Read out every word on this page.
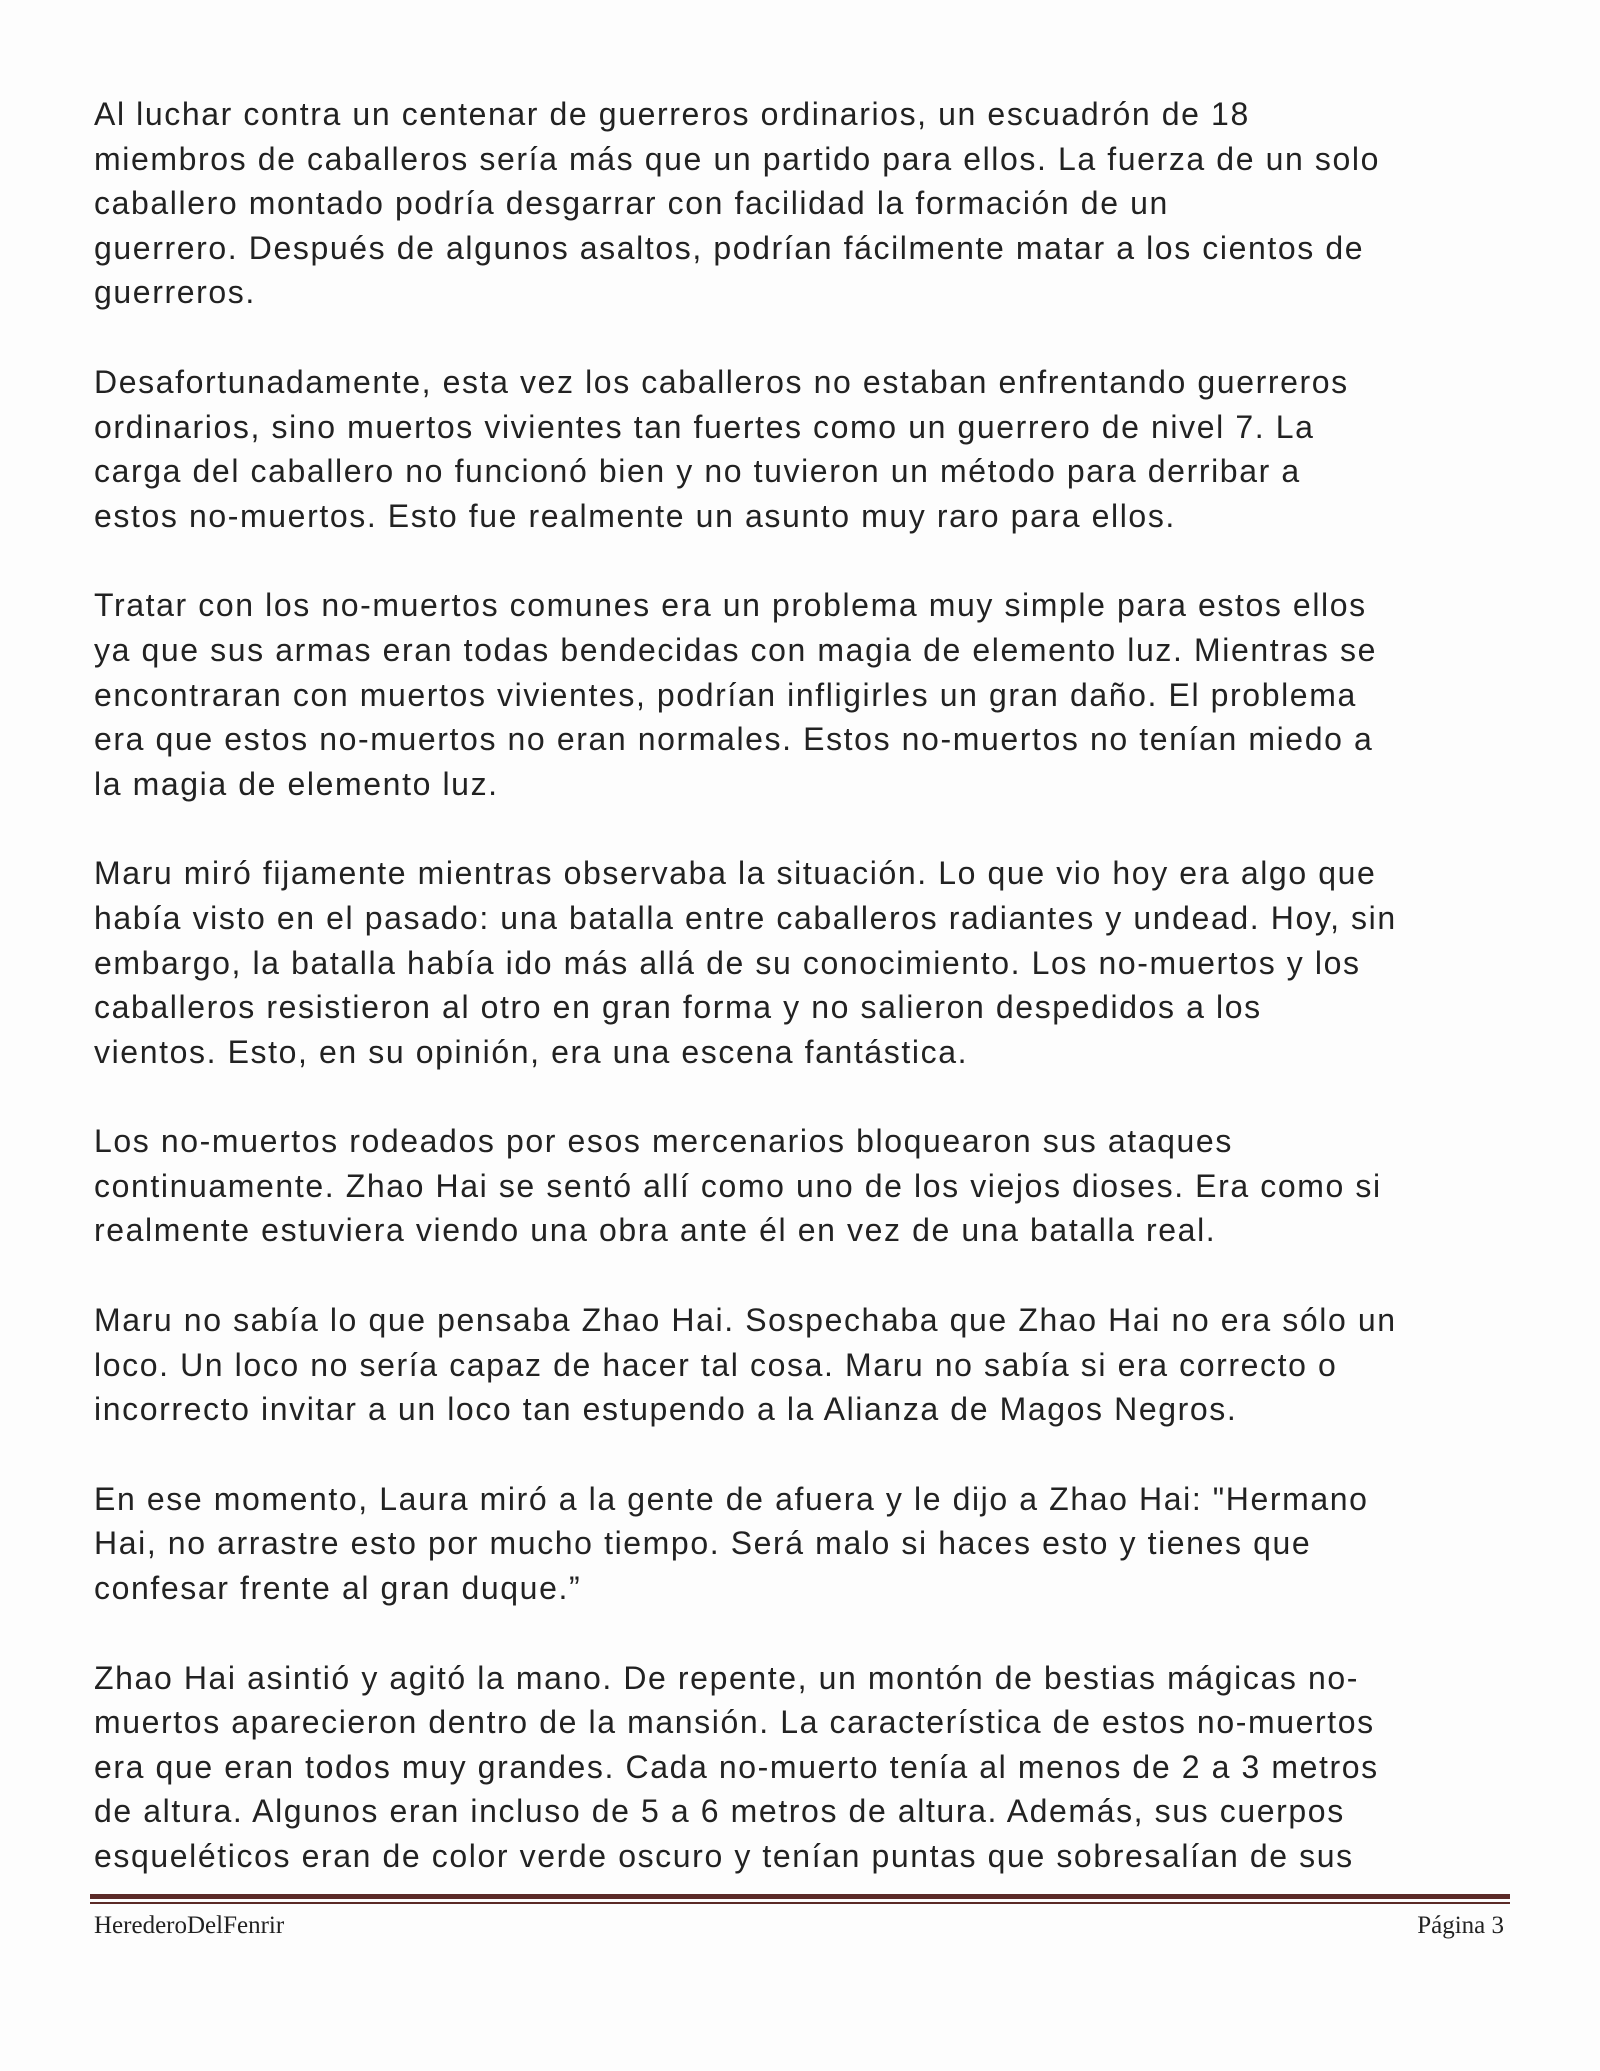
Al luchar contra un centenar de guerreros ordinarios, un escuadrón de 18
miembros de caballeros sería más que un partido para ellos. La fuerza de un solo
caballero montado podría desgarrar con facilidad la formación de un
guerrero. Después de algunos asaltos, podrían fácilmente matar a los cientos de
guerreros.
Desafortunadamente, esta vez los caballeros no estaban enfrentando guerreros
ordinarios, sino muertos vivientes tan fuertes como un guerrero de nivel 7. La
carga del caballero no funcionó bien y no tuvieron un método para derribar a
estos no-muertos. Esto fue realmente un asunto muy raro para ellos.
Tratar con los no-muertos comunes era un problema muy simple para estos ellos
ya que sus armas eran todas bendecidas con magia de elemento luz. Mientras se
encontraran con muertos vivientes, podrían infligirles un gran daño. El problema
era que estos no-muertos no eran normales. Estos no-muertos no tenían miedo a
la magia de elemento luz.
Maru miró fijamente mientras observaba la situación. Lo que vio hoy era algo que
había visto en el pasado: una batalla entre caballeros radiantes y undead. Hoy, sin
embargo, la batalla había ido más allá de su conocimiento. Los no-muertos y los
caballeros resistieron al otro en gran forma y no salieron despedidos a los
vientos. Esto, en su opinión, era una escena fantástica.
Los no-muertos rodeados por esos mercenarios bloquearon sus ataques
continuamente. Zhao Hai se sentó allí como uno de los viejos dioses. Era como si
realmente estuviera viendo una obra ante él en vez de una batalla real.
Maru no sabía lo que pensaba Zhao Hai. Sospechaba que Zhao Hai no era sólo un
loco. Un loco no sería capaz de hacer tal cosa. Maru no sabía si era correcto o
incorrecto invitar a un loco tan estupendo a la Alianza de Magos Negros.
En ese momento, Laura miró a la gente de afuera y le dijo a Zhao Hai: "Hermano
Hai, no arrastre esto por mucho tiempo. Será malo si haces esto y tienes que
confesar frente al gran duque.”
Zhao Hai asintió y agitó la mano. De repente, un montón de bestias mágicas no-
muertos aparecieron dentro de la mansión. La característica de estos no-muertos
era que eran todos muy grandes. Cada no-muerto tenía al menos de 2 a 3 metros
de altura. Algunos eran incluso de 5 a 6 metros de altura. Además, sus cuerpos
esqueléticos eran de color verde oscuro y tenían puntas que sobresalían de sus
HerederoDelFenrir	Página 3
